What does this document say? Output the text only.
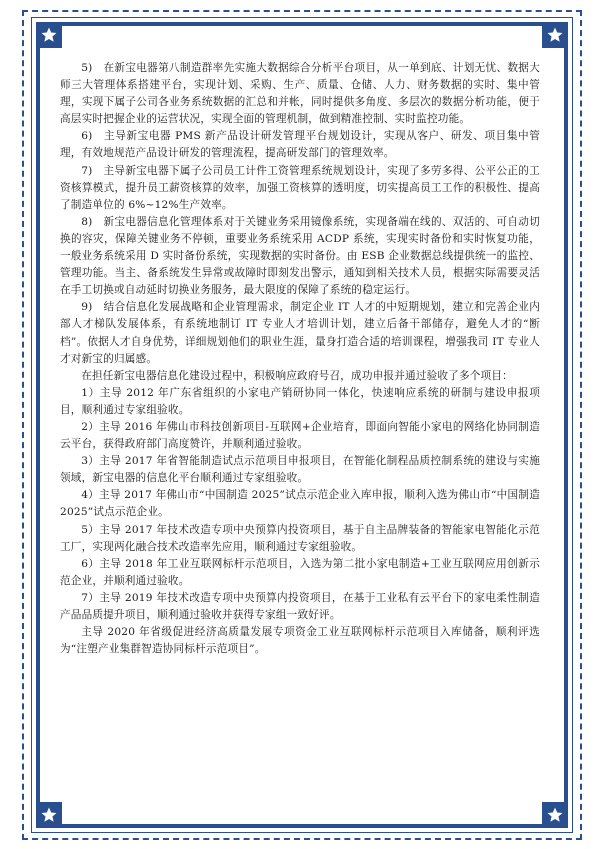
5)　在新宝电器第八制造群率先实施大数据综合分析平台项目，从一单到底、计划无忧、数据大师三大管理体系搭建平台，实现计划、采购、生产、质量、仓储、人力、财务数据的实时、集中管理，实现下属子公司各业务系统数据的汇总和并帐，同时提供多角度、多层次的数据分析功能，便于高层实时把握企业的运营状况，实现全面的管理机制，做到精准控制、实时监控功能。

6)　主导新宝电器 PMS 新产品设计研发管理平台规划设计，实现从客户、研发、项目集中管理，有效地规范产品设计研发的管理流程，提高研发部门的管理效率。

7)　主导新宝电器下属子公司员工计件工资管理系统规划设计，实现了多劳多得、公平公正的工资核算模式，提升员工薪资核算的效率，加强工资核算的透明度，切实提高员工工作的积极性、提高了制造单位的 6%~12%生产效率。

8)　新宝电器信息化管理体系对于关键业务采用镜像系统，实现备端在线的、双活的、可自动切换的容灾，保障关键业务不停顿，重要业务系统采用 ACDP 系统，实现实时备份和实时恢复功能，一般业务系统采用 D 实时备份系统，实现数据的实时备份。由 ESB 企业数据总线提供统一的监控、管理功能。当主、备系统发生异常或故障时即刻发出警示，通知到相关技术人员，根据实际需要灵活在手工切换或自动延时切换业务服务，最大限度的保障了系统的稳定运行。

9)　结合信息化发展战略和企业管理需求，制定企业 IT 人才的中短期规划，建立和完善企业内部人才梯队发展体系，有系统地制订 IT 专业人才培训计划，建立后备干部储存，避免人才的“断档”。依据人才自身优势，详细规划他们的职业生涯，量身打造合适的培训课程，增强我司 IT 专业人才对新宝的归属感。

在担任新宝电器信息化建设过程中，积极响应政府号召，成功申报并通过验收了多个项目：

1）主导 2012 年广东省组织的小家电产销研协同一体化，快速响应系统的研制与建设申报项目，顺利通过专家组验收。

2）主导 2016 年佛山市科技创新项目-互联网+企业培育，即面向智能小家电的网络化协同制造云平台，获得政府部门高度赞许，并顺利通过验收。

3）主导 2017 年省智能制造试点示范项目申报项目，在智能化制程品质控制系统的建设与实施领域，新宝电器的信息化平台顺利通过专家组验收。

4）主导 2017 年佛山市“中国制造 2025”试点示范企业入库申报，顺利入选为佛山市“中国制造 2025”试点示范企业。

5）主导 2017 年技术改造专项中央预算内投资项目，基于自主品牌装备的智能家电智能化示范工厂，实现两化融合技术改造率先应用，顺利通过专家组验收。

6）主导 2018 年工业互联网标杆示范项目，入选为第二批小家电制造+工业互联网应用创新示范企业，并顺利通过验收。

7）主导 2019 年技术改造专项中央预算内投资项目，在基于工业私有云平台下的家电柔性制造产品品质提升项目，顺利通过验收并获得专家组一致好评。

主导 2020 年省级促进经济高质量发展专项资金工业互联网标杆示范项目入库储备，顺利评选为“注塑产业集群智造协同标杆示范项目”。
